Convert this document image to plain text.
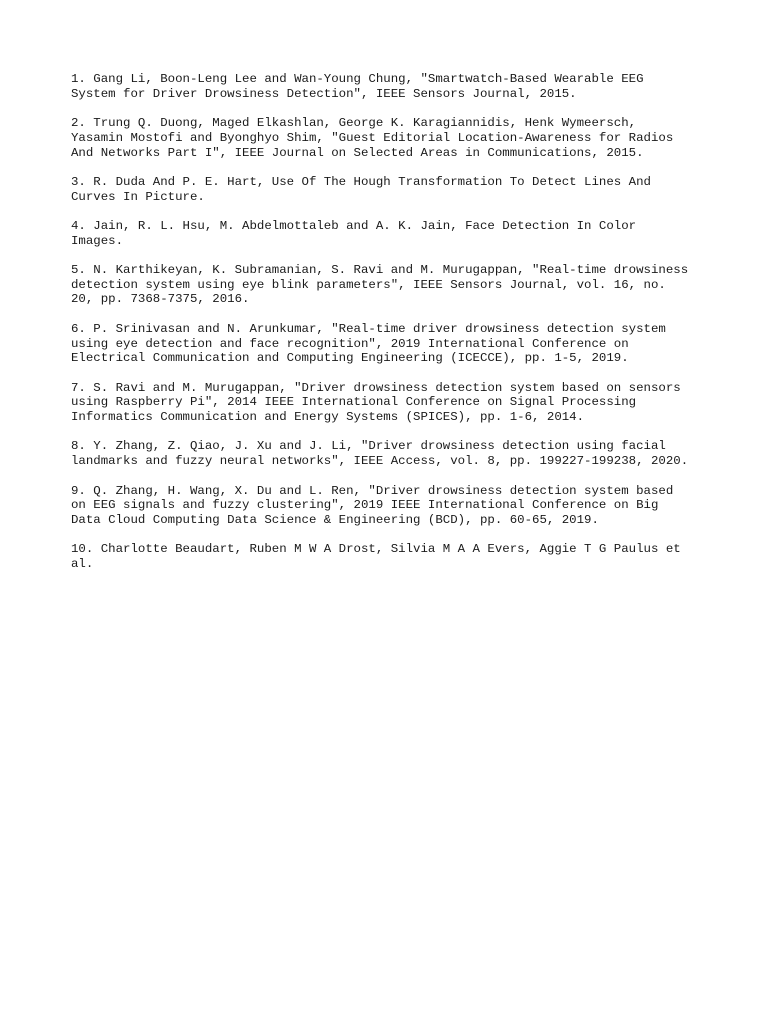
1. Gang Li, Boon-Leng Lee and Wan-Young Chung, "Smartwatch-Based Wearable EEG
System for Driver Drowsiness Detection", IEEE Sensors Journal, 2015.
2. Trung Q. Duong, Maged Elkashlan, George K. Karagiannidis, Henk Wymeersch,
Yasamin Mostofi and Byonghyo Shim, "Guest Editorial Location-Awareness for Radios
And Networks Part I", IEEE Journal on Selected Areas in Communications, 2015.
3. R. Duda And P. E. Hart, Use Of The Hough Transformation To Detect Lines And
Curves In Picture.
4. Jain, R. L. Hsu, M. Abdelmottaleb and A. K. Jain, Face Detection In Color
Images.
5. N. Karthikeyan, K. Subramanian, S. Ravi and M. Murugappan, "Real-time drowsiness
detection system using eye blink parameters", IEEE Sensors Journal, vol. 16, no.
20, pp. 7368-7375, 2016.
6. P. Srinivasan and N. Arunkumar, "Real-time driver drowsiness detection system
using eye detection and face recognition", 2019 International Conference on
Electrical Communication and Computing Engineering (ICECCE), pp. 1-5, 2019.
7. S. Ravi and M. Murugappan, "Driver drowsiness detection system based on sensors
using Raspberry Pi", 2014 IEEE International Conference on Signal Processing
Informatics Communication and Energy Systems (SPICES), pp. 1-6, 2014.
8. Y. Zhang, Z. Qiao, J. Xu and J. Li, "Driver drowsiness detection using facial
landmarks and fuzzy neural networks", IEEE Access, vol. 8, pp. 199227-199238, 2020.
9. Q. Zhang, H. Wang, X. Du and L. Ren, "Driver drowsiness detection system based
on EEG signals and fuzzy clustering", 2019 IEEE International Conference on Big
Data Cloud Computing Data Science & Engineering (BCD), pp. 60-65, 2019.
10. Charlotte Beaudart, Ruben M W A Drost, Silvia M A A Evers, Aggie T G Paulus et
al.
